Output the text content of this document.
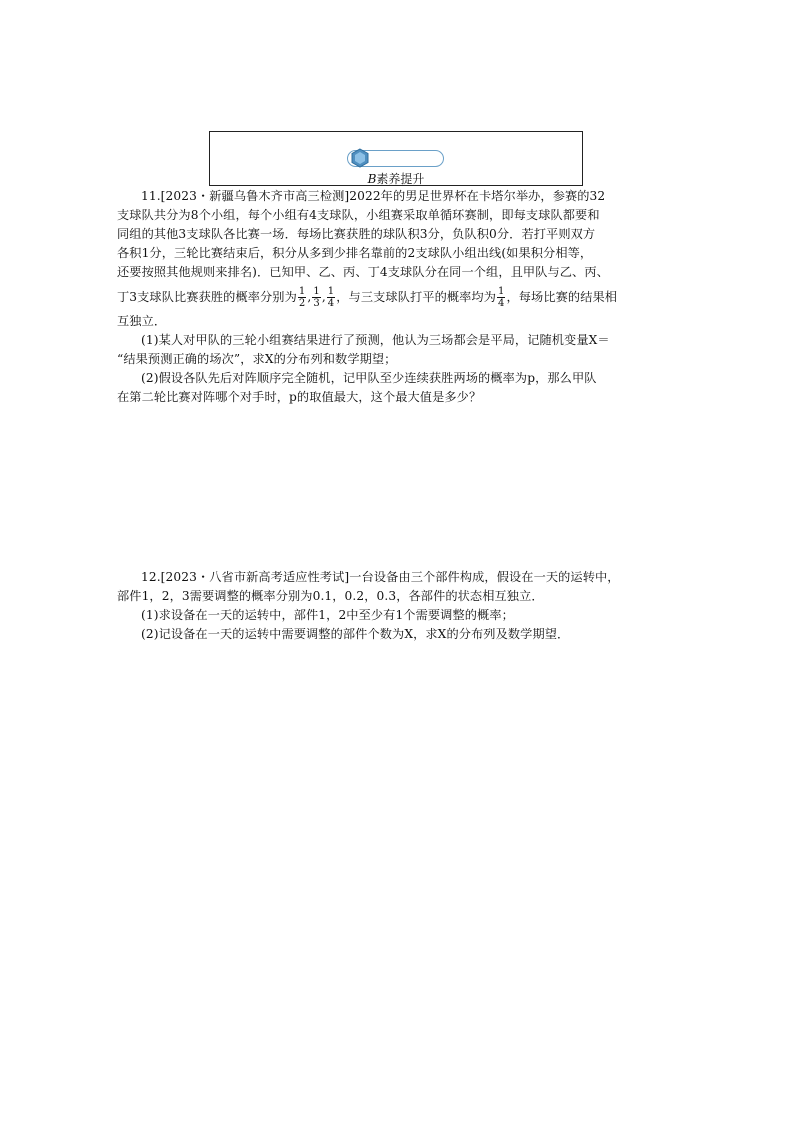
B素养提升
11.[2023・新疆乌鲁木齐市高三检测]2022年的男足世界杯在卡塔尔举办，参赛的32
支球队共分为8个小组，每个小组有4支球队，小组赛采取单循环赛制，即每支球队都要和
同组的其他3支球队各比赛一场．每场比赛获胜的球队积3分，负队积0分．若打平则双方
各积1分，三轮比赛结束后，积分从多到少排名靠前的2支球队小组出线(如果积分相等，
还要按照其他规则来排名)．已知甲、乙、丙、丁4支球队分在同一个组，且甲队与乙、丙、
丁3支球队比赛获胜的概率分别为 $\frac{1}{2}$ , $\frac{1}{3}$ , $\frac{1}{4}$ ，与三支球队打平的概率均为 $\frac{1}{4}$ ，每场比赛的结果相
互独立．
(1)某人对甲队的三轮小组赛结果进行了预测，他认为三场都会是平局，记随机变量X＝
“结果预测正确的场次”，求X的分布列和数学期望；
(2)假设各队先后对阵顺序完全随机，记甲队至少连续获胜两场的概率为p，那么甲队
在第二轮比赛对阵哪个对手时，p的取值最大，这个最大值是多少？
12.[2023・八省市新高考适应性考试]一台设备由三个部件构成，假设在一天的运转中，
部件1，2，3需要调整的概率分别为0.1，0.2，0.3，各部件的状态相互独立．
(1)求设备在一天的运转中，部件1，2中至少有1个需要调整的概率；
(2)记设备在一天的运转中需要调整的部件个数为X，求X的分布列及数学期望．
